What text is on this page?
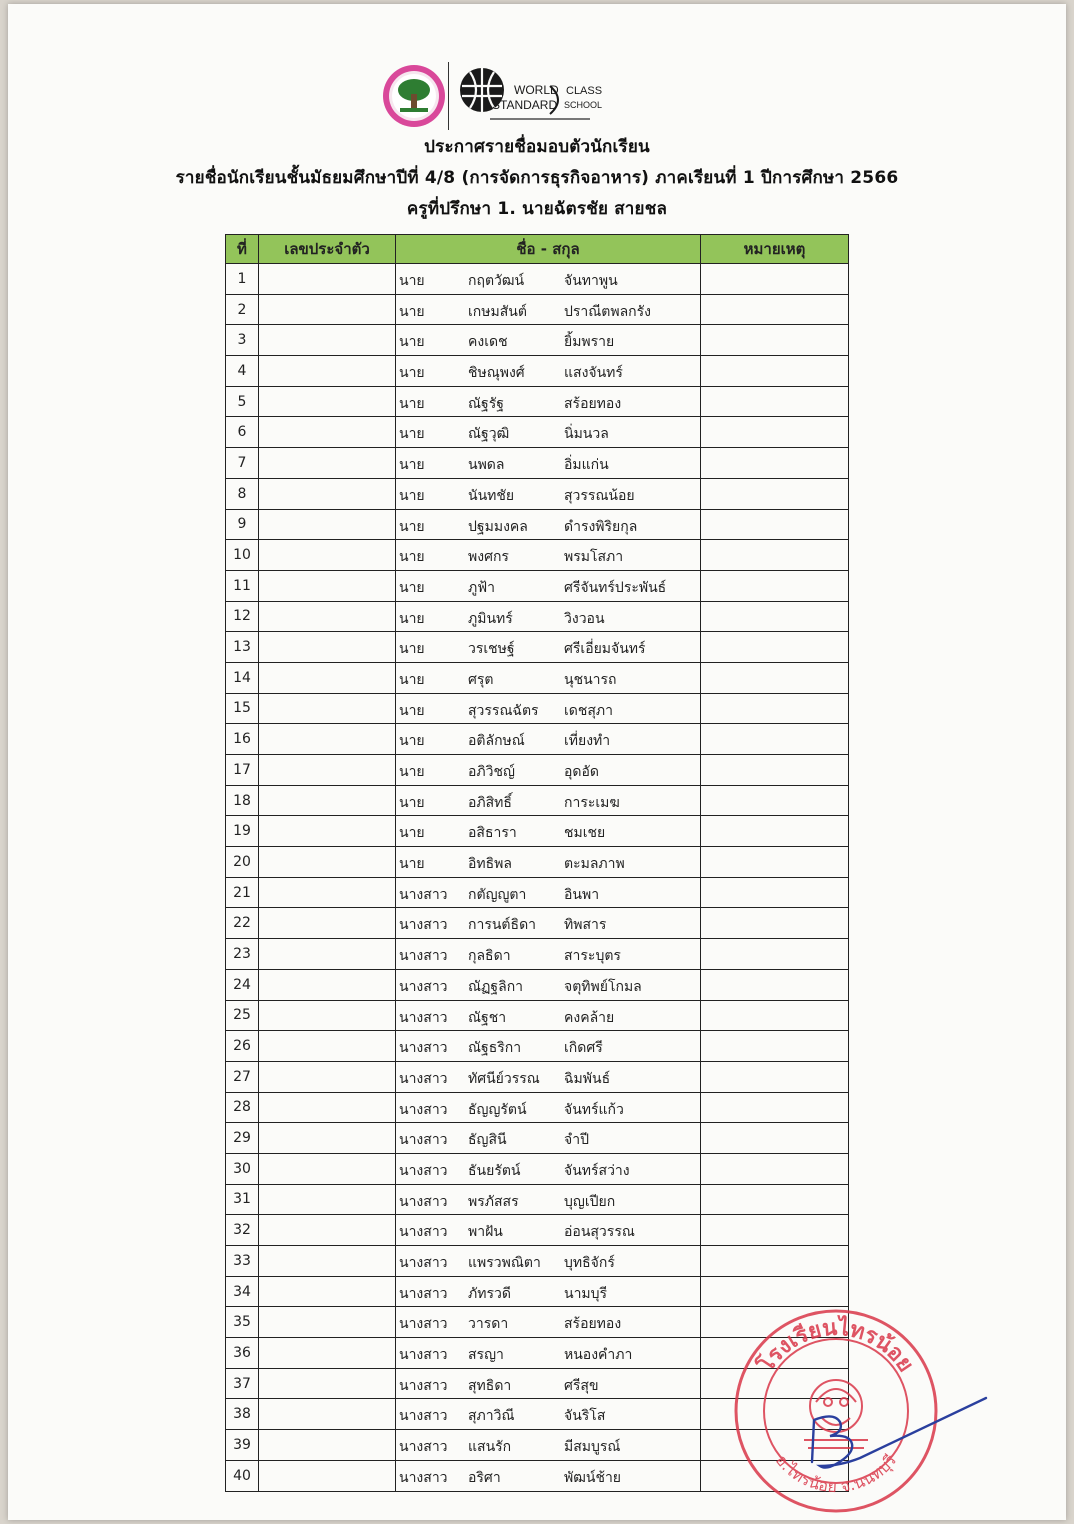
WORLD CLASS
STANDARD SCHOOL
ประกาศรายชื่อมอบตัวนักเรียน
รายชื่อนักเรียนชั้นมัธยมศึกษาปีที่ 4/8 (การจัดการธุรกิจอาหาร) ภาคเรียนที่ 1 ปีการศึกษา 2566
ครูที่ปรึกษา 1. นายฉัตรชัย สายชล
ที่	เลขประจำตัว	ชื่อ - สกุล	หมายเหตุ
1		นาย กฤตวัฒน์ จันทาพูน	

2		นาย เกษมสันต์ ปราณีตพลกรัง	

3		นาย คงเดช ยิ้มพราย	

4		นาย ชิษณุพงศ์ แสงจันทร์	

5		นาย ณัฐรัฐ สร้อยทอง	

6		นาย ณัฐวุฒิ นิ่มนวล	

7		นาย นพดล อิ่มแก่น	

8		นาย นันทชัย สุวรรณน้อย	

9		นาย ปฐมมงคล ดำรงพิริยกุล	

10		นาย พงศกร พรมโสภา	

11		นาย ภูฟ้า ศรีจันทร์ประพันธ์	

12		นาย ภูมินทร์ วิงวอน	

13		นาย วรเชษฐ์ ศรีเอี่ยมจันทร์	

14		นาย ศรุต นุชนารถ	

15		นาย สุวรรณฉัตร เดชสุภา	

16		นาย อติลักษณ์ เที่ยงทำ	

17		นาย อภิวิชญ์ อุดอัด	

18		นาย อภิสิทธิ์ การะเมฆ	

19		นาย อสิธารา ชมเชย	

20		นาย อิทธิพล ตะมลภาพ	

21		นางสาว กตัญญูตา อินพา	

22		นางสาว การนต์ธิดา ทิพสาร	

23		นางสาว กุลธิดา สาระบุตร	

24		นางสาว ณัฏฐลิกา จตุทิพย์โกมล	

25		นางสาว ณัฐชา คงคล้าย	

26		นางสาว ณัฐธริกา เกิดศรี	

27		นางสาว ทัศนีย์วรรณ ฉิมพันธ์	

28		นางสาว ธัญญรัตน์ จันทร์แก้ว	

29		นางสาว ธัญสินี จำปี	

30		นางสาว ธันยรัตน์ จันทร์สว่าง	

31		นางสาว พรภัสสร บุญเปียก	

32		นางสาว พาฝัน อ่อนสุวรรณ	

33		นางสาว แพรวพณิตา บุทธิจักร์	

34		นางสาว ภัทรวดี นามบุรี	

35		นางสาว วารดา สร้อยทอง	

36		นางสาว สรญา หนองคำภา	

37		นางสาว สุทธิดา ศรีสุข	

38		นางสาว สุภาวิณี จันริโส	

39		นางสาว แสนรัก มีสมบูรณ์	

40		นางสาว อริศา พัฒน์ช้าย	

โรงเรียนไทรน้อย
อ.ไทรน้อย จ.นนทบุรี
